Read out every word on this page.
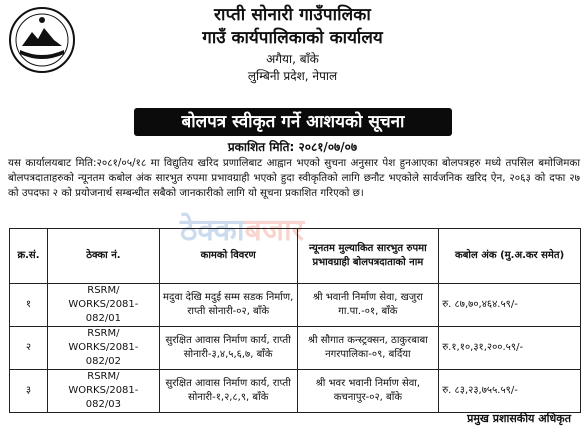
राप्ती सोनारी गाउँपालिका
गाउँ कार्यपालिकाको कार्यालय
अगैया, बाँके
लुम्बिनी प्रदेश, नेपाल
बोलपत्र स्वीकृत गर्ने आशयको सूचना
प्रकाशित मिति: २०८१/०७/०७
यस कार्यालयबाट मिति:२०८१/०५/१८ मा विद्युतिय खरिद प्रणालिबाट आह्वान भएको सुचना अनुसार पेश हुनआएका बोलपत्रहरु मध्ये तपसिल बमोजिमका बोलपत्रदाताहरुको न्यूनतम कबोल अंक सारभुत रुपमा प्रभावग्राही भएको हुदा स्वीकृतिको लागि छनौट भएकोले सार्वजनिक खरिद ऐन, २०६३ को दफा २७ को उपदफा २ को प्रयोजनार्थ सम्बन्धीत सबैको जानकारीको लागि यो सूचना प्रकाशित गरिएको छ।
ठेक्काबजार
क्र.सं.	ठेक्का नं.	कामको विवरण	न्यूनतम मुल्याकित सारभुत रुपमा प्रभावग्राही बोलपत्रदाताको नाम	कबोल अंक (मु.अ.कर समेत)
१	RSRM/ WORKS/2081-082/01	मदुवा देखि मदुई सम्म सडक निर्माण, राप्ती सोनारी-०२, बाँके	श्री भवानी निर्माण सेवा, खजुरा गा.पा.-०१, बाँके	रु. ८७,७०,४६४.५९/-
२	RSRM/ WORKS/2081-082/02	सुरक्षित आवास निर्माण कार्य, राप्ती सोनारी-३,४,५,६,७, बाँके	श्री सौगात कन्स्ट्रक्सन, ठाकुरबाबा नगरपालिका-०९, बर्दिया	रु.१,१०,३१,२००.५९/-
३	RSRM/ WORKS/2081-082/03	सुरक्षित आवास निर्माण कार्य, राप्ती सोनारी-१,२,८,९, बाँके	श्री भवर भवानी निर्माण सेवा, कचनापुर-०२, बाँके	रु. ८३,२३,७५५.५९/-
प्रमुख प्रशासकीय अधिकृत
